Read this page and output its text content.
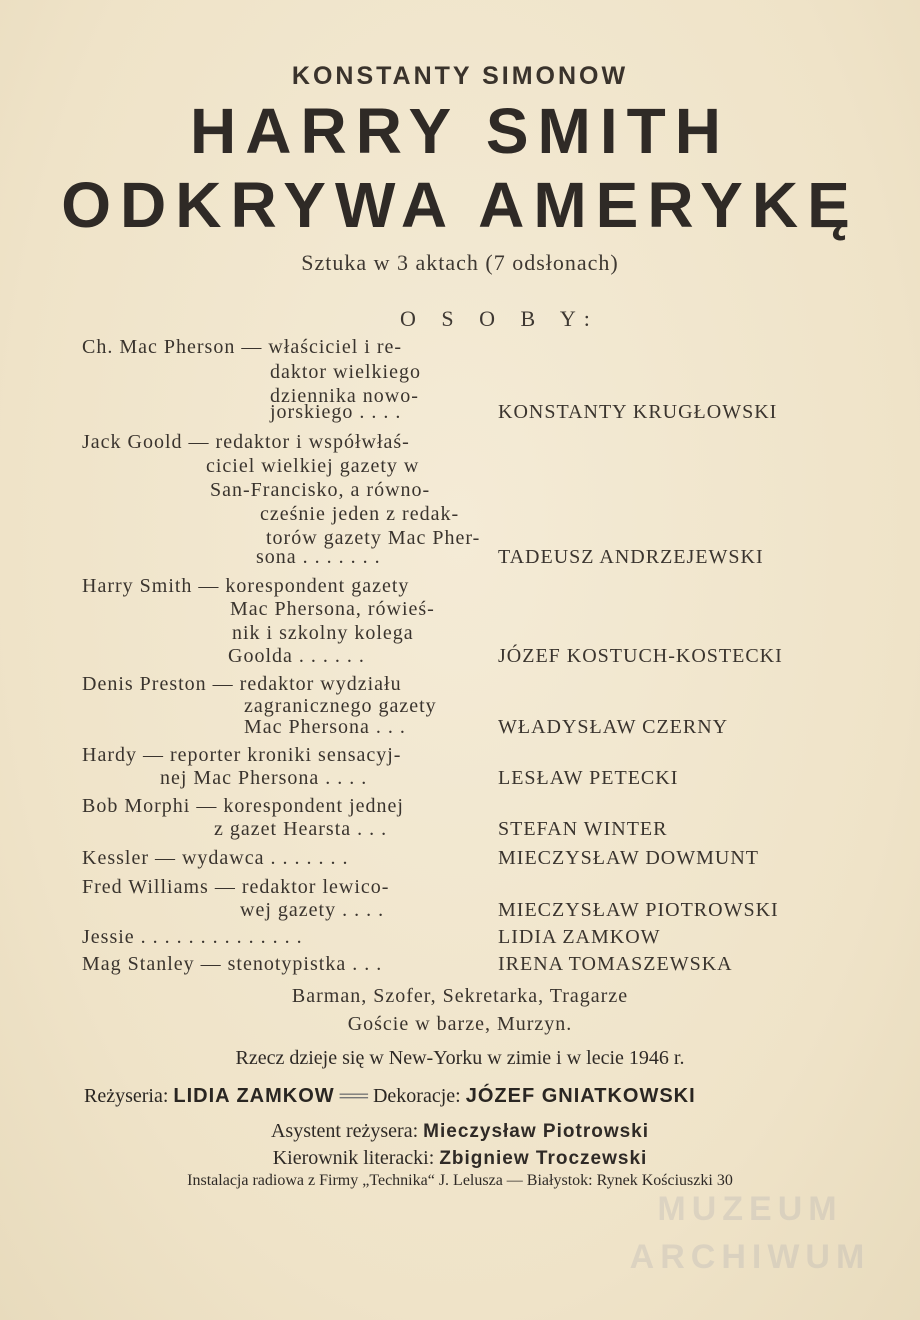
KONSTANTY SIMONOW
HARRY SMITH
ODKRYWA AMERYKĘ
Sztuka w 3 aktach (7 odsłonach)
O S O B Y:
Ch. Mac Pherson — właściciel i re-
daktor wielkiego
dziennika nowo-
jorskiego . . . .	KONSTANTY KRUGŁOWSKI
Jack Goold — redaktor i współwłaś-
ciciel wielkiej gazety w
San-Francisko, a równo-
cześnie jeden z redak-
torów gazety Mac Pher-
sona . . . . . . .	TADEUSZ ANDRZEJEWSKI
Harry Smith — korespondent gazety
Mac Phersona, rówieś-
nik i szkolny kolega
Goolda . . . . . .	JÓZEF KOSTUCH-KOSTECKI
Denis Preston — redaktor wydziału
zagranicznego gazety
Mac Phersona . . .	WŁADYSŁAW CZERNY
Hardy — reporter kroniki sensacyj-
nej Mac Phersona . . . .	LESŁAW PETECKI
Bob Morphi — korespondent jednej
z gazet Hearsta . . .	STEFAN WINTER
Kessler — wydawca . . . . . . .	MIECZYSŁAW DOWMUNT
Fred Williams — redaktor lewico-
wej gazety . . . .	MIECZYSŁAW PIOTROWSKI
Jessie . . . . . . . . . . . . . .	LIDIA ZAMKOW
Mag Stanley — stenotypistka . . .	IRENA TOMASZEWSKA
Barman, Szofer, Sekretarka, Tragarze
Goście w barze, Murzyn.
Rzecz dzieje się w New-Yorku w zimie i w lecie 1946 r.
Reżyseria: LIDIA ZAMKOW ══ Dekoracje: JÓZEF GNIATKOWSKI
Asystent reżysera: Mieczysław Piotrowski
Kierownik literacki: Zbigniew Troczewski
Instalacja radiowa z Firmy „Technika“ J. Lelusza — Białystok: Rynek Kościuszki 30
MUZEUM
ARCHIWUM
